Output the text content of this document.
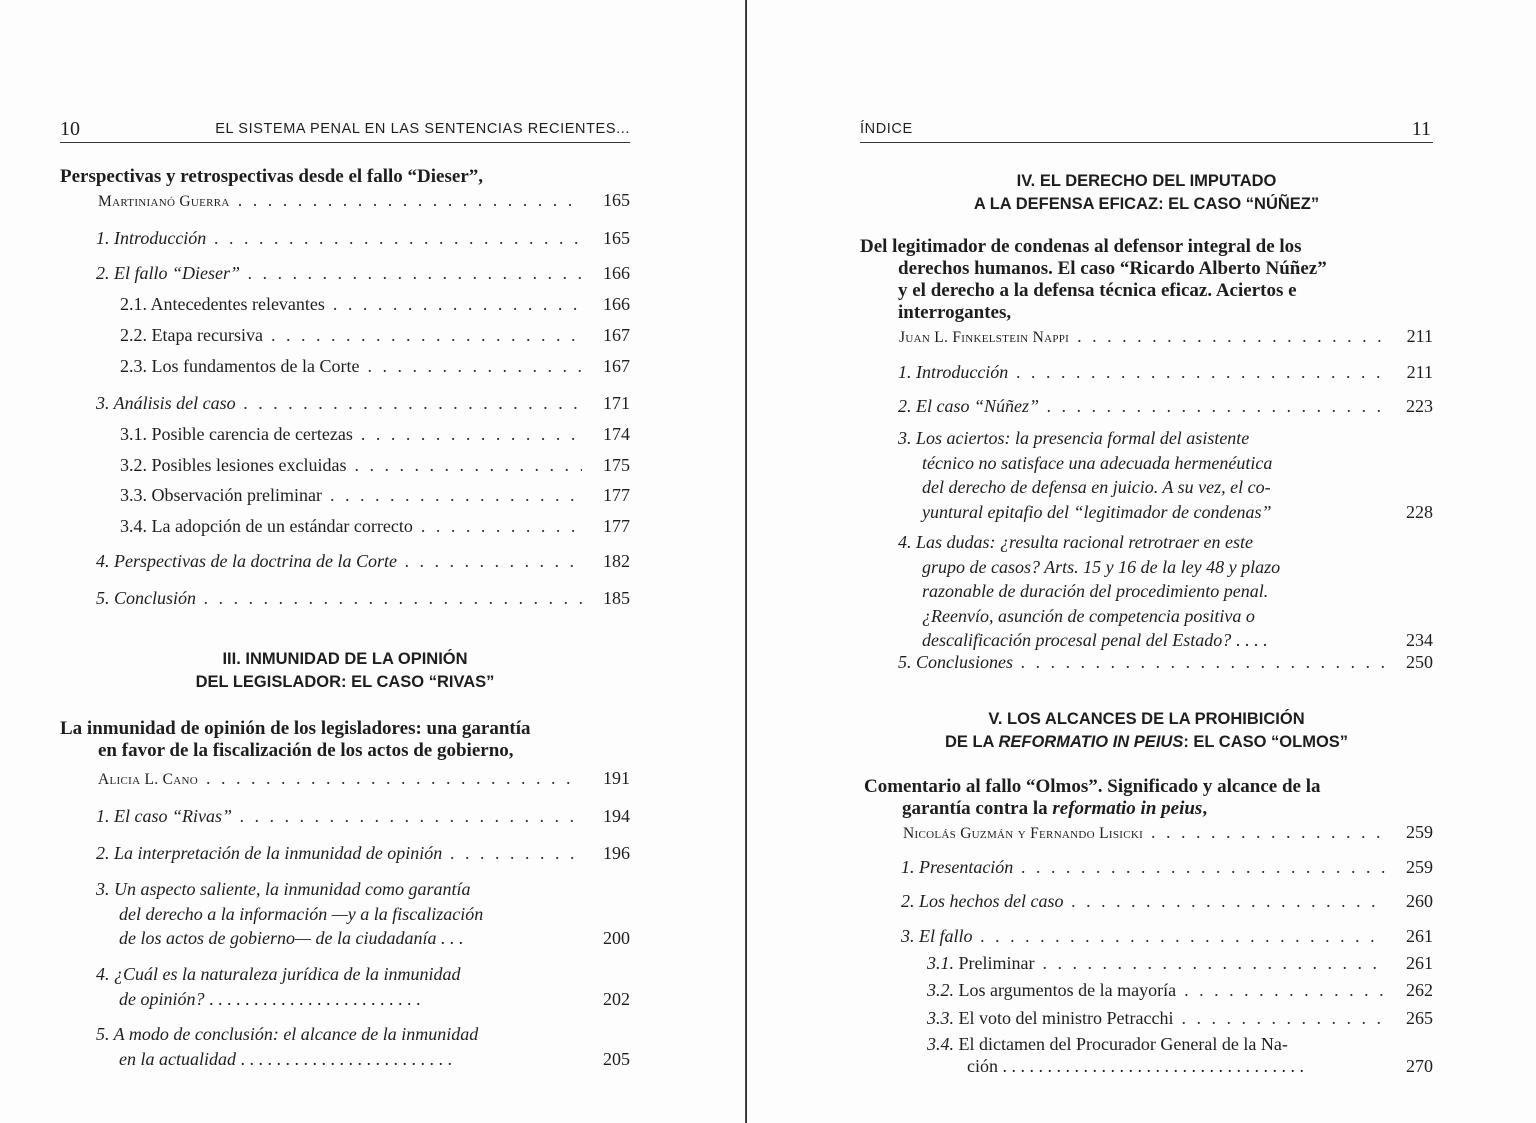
10	EL SISTEMA PENAL EN LAS SENTENCIAS RECIENTES...
Perspectivas y retrospectivas desde el fallo “Dieser”,
Martinianó Guerra . . .	165
1. Introducción . . .	165
2. El fallo “Dieser” . . .	166
2.1. Antecedentes relevantes . . .	166
2.2. Etapa recursiva . . .	167
2.3. Los fundamentos de la Corte . . .	167
3. Análisis del caso . . .	171
3.1. Posible carencia de certezas . . .	174
3.2. Posibles lesiones excluidas . . .	175
3.3. Observación preliminar . . .	177
3.4. La adopción de un estándar correcto . . .	177
4. Perspectivas de la doctrina de la Corte . . .	182
5. Conclusión . . .	185
III. INMUNIDAD DE LA OPINIÓN
DEL LEGISLADOR: EL CASO “RIVAS”
La inmunidad de opinión de los legisladores: una garantía
en favor de la fiscalización de los actos de gobierno,
Alicia L. Cano . . .	191
1. El caso “Rivas” . . .	194
2. La interpretación de la inmunidad de opinión . . .	196
3. Un aspecto saliente, la inmunidad como garantía
del derecho a la información —y a la fiscalización
de los actos de gobierno— de la ciudadanía . . .	200
4. ¿Cuál es la naturaleza jurídica de la inmunidad
de opinión? . . . . . . . . . . . . . . . . . . . . . . . .	202
5. A modo de conclusión: el alcance de la inmunidad
en la actualidad . . . . . . . . . . . . . . . . . . . . . . . .	205
ÍNDICE	11
IV. EL DERECHO DEL IMPUTADO
A LA DEFENSA EFICAZ: EL CASO “NÚÑEZ”
Del legitimador de condenas al defensor integral de los
derechos humanos. El caso “Ricardo Alberto Núñez”
y el derecho a la defensa técnica eficaz. Aciertos e
interrogantes,
Juan L. Finkelstein Nappi . . .	211
1. Introducción . . .	211
2. El caso “Núñez” . . .	223
3. Los aciertos: la presencia formal del asistente
técnico no satisface una adecuada hermenéutica
del derecho de defensa en juicio. A su vez, el co-
yuntural epitafio del “legitimador de condenas”	228
4. Las dudas: ¿resulta racional retrotraer en este
grupo de casos? Arts. 15 y 16 de la ley 48 y plazo
razonable de duración del procedimiento penal.
¿Reenvío, asunción de competencia positiva o
descalificación procesal penal del Estado? . . . .	234
5. Conclusiones . . .	250
V. LOS ALCANCES DE LA PROHIBICIÓN
DE LA REFORMATIO IN PEIUS: EL CASO “OLMOS”
Comentario al fallo “Olmos”. Significado y alcance de la
garantía contra la reformatio in peius,
Nicolás Guzmán y Fernando Lisicki . . .	259
1. Presentación . . .	259
2. Los hechos del caso . . .	260
3. El fallo . . .	261
3.1. Preliminar . . .	261
3.2. Los argumentos de la mayoría . . .	262
3.3. El voto del ministro Petracchi . . .	265
3.4. El dictamen del Procurador General de la Na-
ción . . . . . . . . . . . . . . . . . . . . . . . . . . . . . . . . . .	270
